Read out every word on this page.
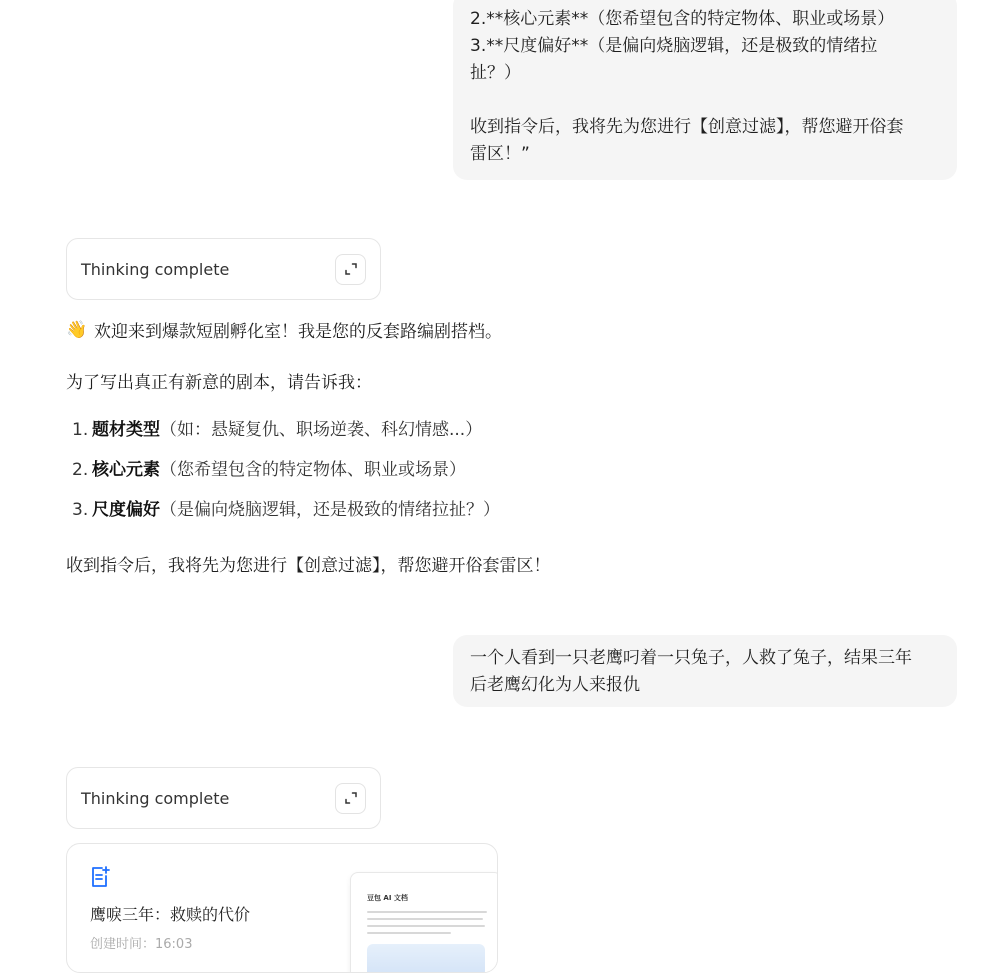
2.**核心元素**（您希望包含的特定物体、职业或场景）
3.**尺度偏好**（是偏向烧脑逻辑，还是极致的情绪拉
扯？）
收到指令后，我将先为您进行【创意过滤】，帮您避开俗套
雷区！”
Thinking complete
👋 欢迎来到爆款短剧孵化室！我是您的反套路编剧搭档。
为了写出真正有新意的剧本，请告诉我：
1. 题材类型 （如：悬疑复仇、职场逆袭、科幻情感...）
2. 核心元素 （您希望包含的特定物体、职业或场景）
3. 尺度偏好 （是偏向烧脑逻辑，还是极致的情绪拉扯？）
收到指令后，我将先为您进行【创意过滤】，帮您避开俗套雷区！
一个人看到一只老鹰叼着一只兔子，人救了兔子，结果三年
后老鹰幻化为人来报仇
Thinking complete
鹰唳三年：救赎的代价
创建时间：16:03
豆包 AI 文档
